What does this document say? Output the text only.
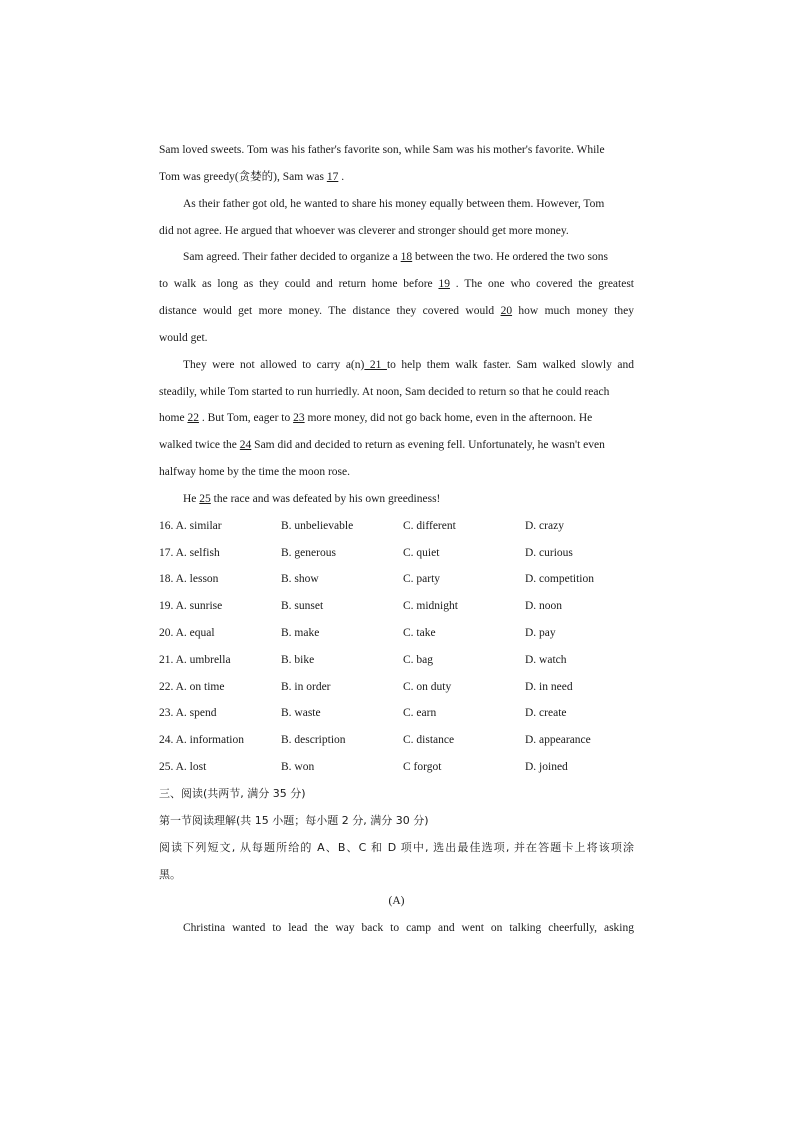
Sam loved sweets. Tom was his father's favorite son, while Sam was his mother's favorite. While
Tom was greedy(贪婪的), Sam was 17 .
As their father got old, he wanted to share his money equally between them. However, Tom
did not agree. He argued that whoever was cleverer and stronger should get more money.
Sam agreed. Their father decided to organize a 18 between the two. He ordered the two sons
to walk as long as they could and return home before 19 . The one who covered the greatest
distance would get more money. The distance they covered would 20 how much money they
would get.
They were not allowed to carry a(n) 21 to help them walk faster. Sam walked slowly and
steadily, while Tom started to run hurriedly. At noon, Sam decided to return so that he could reach
home 22 . But Tom, eager to 23 more money, did not go back home, even in the afternoon. He
walked twice the 24 Sam did and decided to return as evening fell. Unfortunately, he wasn't even
halfway home by the time the moon rose.
He 25 the race and was defeated by his own greediness!
16. A. similar	B. unbelievable	C. different	D. crazy
17. A. selfish	B. generous	C. quiet	D. curious
18. A. lesson	B. show	C. party	D. competition
19. A. sunrise	B. sunset	C. midnight	D. noon
20. A. equal	B. make	C. take	D. pay
21. A. umbrella	B. bike	C. bag	D. watch
22. A. on time	B. in order	C. on duty	D. in need
23. A. spend	B. waste	C. earn	D. create
24. A. information	B. description	C. distance	D. appearance
25. A. lost	B. won	C forgot	D. joined
三、阅读(共两节, 满分 35 分)
第一节阅读理解(共 15 小题；每小题 2 分, 满分 30 分)
阅读下列短文, 从每题所给的 A、B、C 和 D 项中, 选出最佳选项, 并在答题卡上将该项涂
黑。
(A)
Christina wanted to lead the way back to camp and went on talking cheerfully, asking
